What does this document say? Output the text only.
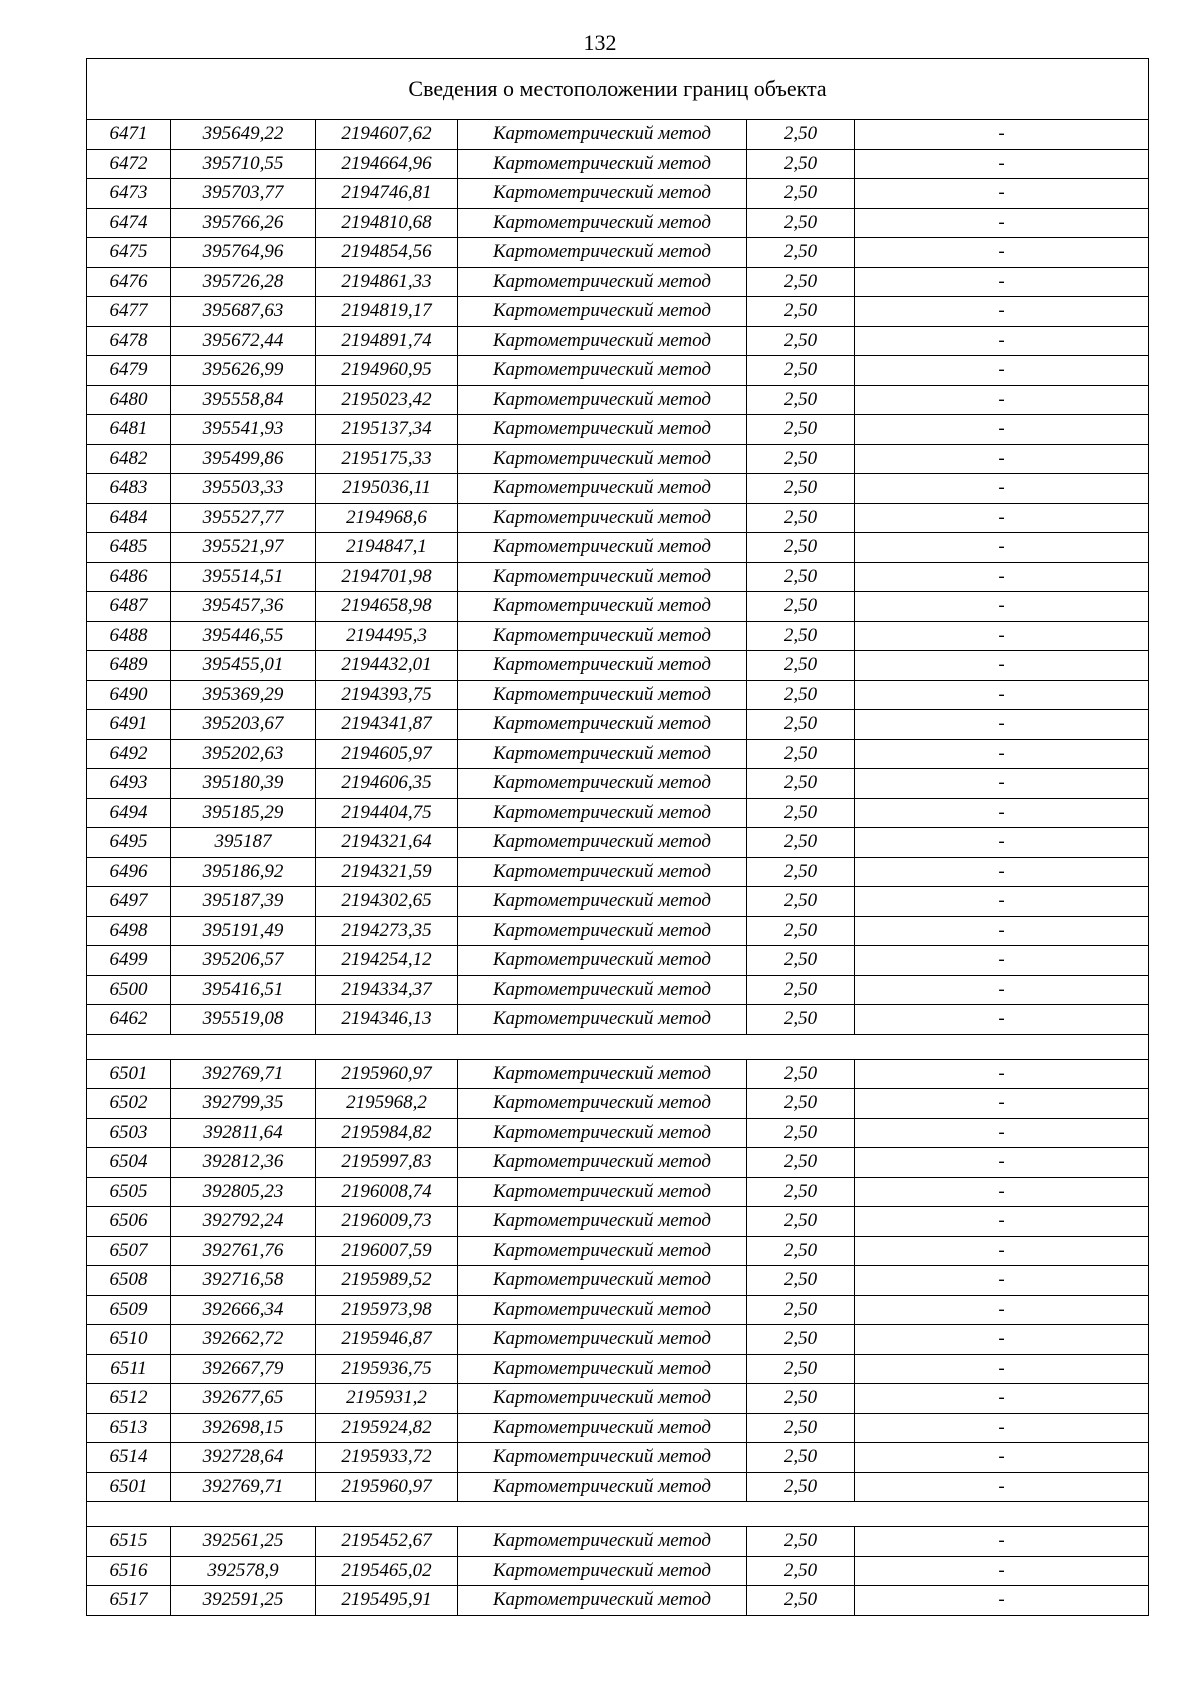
132
Сведения о местоположении границ объекта					
6471	395649,22	2194607,62	Картометрический метод	2,50	-
6472	395710,55	2194664,96	Картометрический метод	2,50	-
6473	395703,77	2194746,81	Картометрический метод	2,50	-
6474	395766,26	2194810,68	Картометрический метод	2,50	-
6475	395764,96	2194854,56	Картометрический метод	2,50	-
6476	395726,28	2194861,33	Картометрический метод	2,50	-
6477	395687,63	2194819,17	Картометрический метод	2,50	-
6478	395672,44	2194891,74	Картометрический метод	2,50	-
6479	395626,99	2194960,95	Картометрический метод	2,50	-
6480	395558,84	2195023,42	Картометрический метод	2,50	-
6481	395541,93	2195137,34	Картометрический метод	2,50	-
6482	395499,86	2195175,33	Картометрический метод	2,50	-
6483	395503,33	2195036,11	Картометрический метод	2,50	-
6484	395527,77	2194968,6	Картометрический метод	2,50	-
6485	395521,97	2194847,1	Картометрический метод	2,50	-
6486	395514,51	2194701,98	Картометрический метод	2,50	-
6487	395457,36	2194658,98	Картометрический метод	2,50	-
6488	395446,55	2194495,3	Картометрический метод	2,50	-
6489	395455,01	2194432,01	Картометрический метод	2,50	-
6490	395369,29	2194393,75	Картометрический метод	2,50	-
6491	395203,67	2194341,87	Картометрический метод	2,50	-
6492	395202,63	2194605,97	Картометрический метод	2,50	-
6493	395180,39	2194606,35	Картометрический метод	2,50	-
6494	395185,29	2194404,75	Картометрический метод	2,50	-
6495	395187	2194321,64	Картометрический метод	2,50	-
6496	395186,92	2194321,59	Картометрический метод	2,50	-
6497	395187,39	2194302,65	Картометрический метод	2,50	-
6498	395191,49	2194273,35	Картометрический метод	2,50	-
6499	395206,57	2194254,12	Картометрический метод	2,50	-
6500	395416,51	2194334,37	Картометрический метод	2,50	-
6462	395519,08	2194346,13	Картометрический метод	2,50	-

6501	392769,71	2195960,97	Картометрический метод	2,50	-
6502	392799,35	2195968,2	Картометрический метод	2,50	-
6503	392811,64	2195984,82	Картометрический метод	2,50	-
6504	392812,36	2195997,83	Картометрический метод	2,50	-
6505	392805,23	2196008,74	Картометрический метод	2,50	-
6506	392792,24	2196009,73	Картометрический метод	2,50	-
6507	392761,76	2196007,59	Картометрический метод	2,50	-
6508	392716,58	2195989,52	Картометрический метод	2,50	-
6509	392666,34	2195973,98	Картометрический метод	2,50	-
6510	392662,72	2195946,87	Картометрический метод	2,50	-
6511	392667,79	2195936,75	Картометрический метод	2,50	-
6512	392677,65	2195931,2	Картометрический метод	2,50	-
6513	392698,15	2195924,82	Картометрический метод	2,50	-
6514	392728,64	2195933,72	Картометрический метод	2,50	-
6501	392769,71	2195960,97	Картометрический метод	2,50	-

6515	392561,25	2195452,67	Картометрический метод	2,50	-
6516	392578,9	2195465,02	Картометрический метод	2,50	-
6517	392591,25	2195495,91	Картометрический метод	2,50	-
